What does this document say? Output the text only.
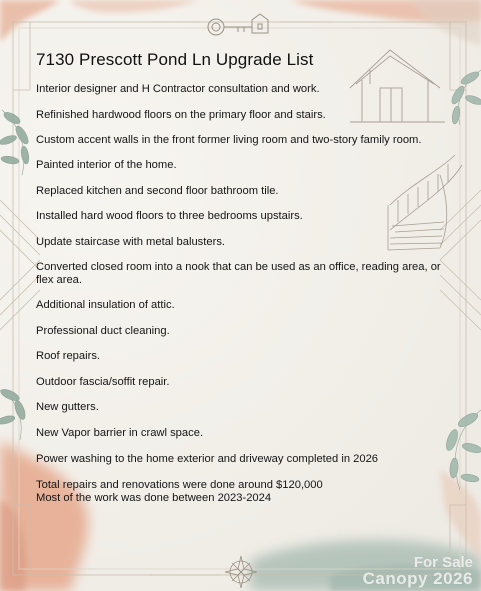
7130 Prescott Pond Ln Upgrade List

Interior designer and H Contractor consultation and work.

Refinished hardwood floors on the primary floor and stairs.

Custom accent walls in the front former living room and two-story family room.

Painted interior of the home.

Replaced kitchen and second floor bathroom tile.

Installed hard wood floors to three bedrooms upstairs.

Update staircase with metal balusters.

Converted closed room into a nook that can be used as an office, reading area, or flex area.

Additional insulation of attic.

Professional duct cleaning.

Roof repairs.

Outdoor fascia/soffit repair.

New gutters.

New Vapor barrier in crawl space.

Power washing to the home exterior and driveway completed in 2026

Total repairs and renovations were done around $120,000
Most of the work was done between 2023-2024
For Sale
Canopy 2026
